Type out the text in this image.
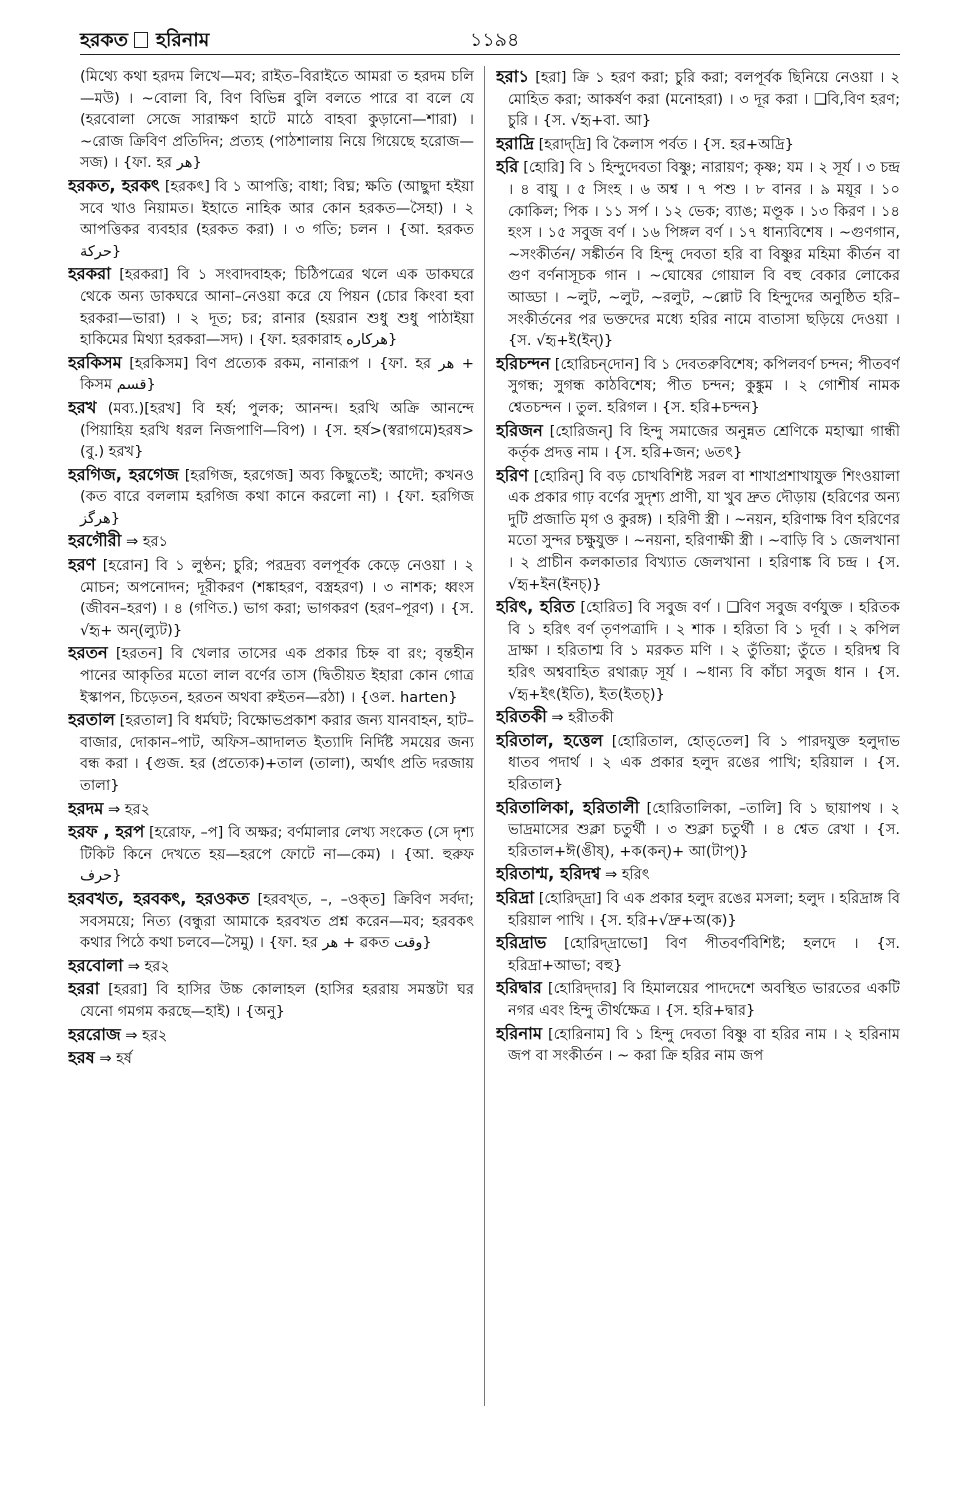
হরকত হরিনাম	১১৯৪

(মিথ্যে কথা হরদম লিখে—মব; রাইত–বিরাইতে আমরা ত হরদম চলি—মউ) । ~বোলা বি, বিণ বিভিন্ন বুলি বলতে পারে বা বলে যে (হরবোলা সেজে সারাক্ষণ হাটে মাঠে বাহবা কুড়ানো—শারা) । ~রোজ ক্রিবিণ প্রতিদিন; প্রত্যহ (পাঠশালায় নিয়ে গিয়েছে হরোজ—সজ) । {ফা. হর هر}

হরকত, হরকৎ [হরকৎ] বি ১ আপত্তি; বাধা; বিঘ্ন; ক্ষতি (আছুদা হইয়া সবে খাও নিয়ামত। ইহাতে নাহিক আর কোন হরকত—সৈহা) । ২ আপত্তিকর ব্যবহার (হরকত করা) । ৩ গতি; চলন । {আ. হরকত حركة}

হরকরা [হরকরা] বি ১ সংবাদবাহক; চিঠিপত্রের থলে এক ডাকঘরে থেকে অন্য ডাকঘরে আনা–নেওয়া করে যে পিয়ন (চোর কিংবা হবা হরকরা—ভারা) । ২ দূত; চর; রানার (হয়রান শুধু শুধু পাঠাইয়া হাকিমের মিথ্যা হরকরা—সদ) । {ফা. হরকারাহ هركاره}

হরকিসম [হরকিসম] বিণ প্রত্যেক রকম, নানারূপ । {ফা. হর هر + কিসম قسم}

হরখ (মব্য.)[হরখ] বি হর্ষ; পুলক; আনন্দ। হরখি অক্রি আনন্দে (পিয়াহিয় হরখি ধরল নিজপাণি—বিপ) । {স. হর্ষ>(স্বরাগমে)হরষ>(বু.) হরখ}

হরগিজ, হরগেজ [হরগিজ, হরগেজ] অব্য কিছুতেই; আদৌ; কখনও (কত বারে বললাম হরগিজ কথা কানে করলো না) । {ফা. হরগিজ هرگز}

হরগৌরী ⇒ হর১

হরণ [হরোন] বি ১ লুণ্ঠন; চুরি; পরদ্রব্য বলপূর্বক কেড়ে নেওয়া । ২ মোচন; অপনোদন; দূরীকরণ (শঙ্কাহরণ, বস্ত্রহরণ) । ৩ নাশক; ধ্বংস (জীবন–হরণ) । ৪ (গণিত.) ভাগ করা; ভাগকরণ (হরণ–পূরণ) । {স. √হৃ+ অন্(ল্যুট)}

হরতন [হরতন] বি খেলার তাসের এক প্রকার চিহ্ন বা রং; বৃন্তহীন পানের আকৃতির মতো লাল বর্ণের তাস (দ্বিতীয়ত ইহারা কোন গোত্র ইস্কাপন, চিড়েতন, হরতন অথবা রুইতন—রঠা) । {ওল. harten}

হরতাল [হরতাল] বি ধর্মঘট; বিক্ষোভপ্রকাশ করার জন্য যানবাহন, হাট–বাজার, দোকান–পাট, অফিস–আদালত ইত্যাদি নির্দিষ্ট সময়ের জন্য বন্ধ করা । {গুজ. হর (প্রত্যেক)+তাল (তালা), অর্থাৎ প্রতি দরজায় তালা}

হরদম ⇒ হর২

হরফ , হরপ [হরোফ, –প] বি অক্ষর; বর্ণমালার লেখ্য সংকেত (সে দৃশ্য টিকিট কিনে দেখতে হয়—হরপে ফোটে না—কেম) । {আ. হুরুফ حرف}

হরবখত, হরবকৎ, হরওকত [হরবখ্‌ত, –, –ওক্‌ত] ক্রিবিণ সর্বদা; সবসময়ে; নিত্য (বন্ধুরা আমাকে হরবখত প্রশ্ন করেন—মব; হরবকৎ কথার পিঠে কথা চলবে—সৈমু) । {ফা. হর هر + ৱকত وقت}

হরবোলা ⇒ হর২

হররা [হররা] বি হাসির উচ্চ কোলাহল (হাসির হররায় সমস্তটা ঘর যেনো গমগম করছে—হাই) । {অনু}

হররোজ ⇒ হর২

হরষ ⇒ হর্ষ

হরা১ [হরা] ক্রি ১ হরণ করা; চুরি করা; বলপূর্বক ছিনিয়ে নেওয়া । ২ মোহিত করা; আকর্ষণ করা (মনোহরা) । ৩ দূর করা । ❑বি,বিণ হরণ; চুরি । {স. √হৃ+বা. আ}

হরাদ্রি [হরাদ্‌দ্রি] বি কৈলাস পর্বত । {স. হর+অদ্রি}

হরি [হোরি] বি ১ হিন্দুদেবতা বিষ্ণু; নারায়ণ; কৃষ্ণ; যম । ২ সূর্য । ৩ চন্দ্র । ৪ বায়ু । ৫ সিংহ । ৬ অশ্ব । ৭ পশু । ৮ বানর । ৯ ময়ূর । ১০ কোকিল; পিক । ১১ সর্প । ১২ ভেক; ব্যাঙ; মণ্ডূক । ১৩ কিরণ । ১৪ হংস । ১৫ সবুজ বর্ণ । ১৬ পিঙ্গল বর্ণ । ১৭ ধান্যবিশেষ । ~গুণগান, ~সংকীর্তন/ সঙ্কীর্তন বি হিন্দু দেবতা হরি বা বিষ্ণুর মহিমা কীর্তন বা গুণ বর্ণনাসূচক গান । ~ঘোষের গোয়াল বি বহু বেকার লোকের আড্ডা । ~লুট, ~লুট, ~রলুট, ~ল্লোট বি হিন্দুদের অনুষ্ঠিত হরি–সংকীর্তনের পর ভক্তদের মধ্যে হরির নামে বাতাসা ছড়িয়ে দেওয়া । {স. √হৃ+ই(ইন্)}

হরিচন্দন [হোরিচন্‌দোন] বি ১ দেবতরুবিশেষ; কপিলবর্ণ চন্দন; পীতবর্ণ সুগন্ধ; সুগন্ধ কাঠবিশেষ; পীত চন্দন; কুঙ্কুম । ২ গোশীর্ষ নামক শ্বেতচন্দন । তুল. হরিগল । {স. হরি+চন্দন}

হরিজন [হোরিজন্] বি হিন্দু সমাজের অনুন্নত শ্রেণিকে মহাত্মা গান্ধী কর্তৃক প্রদত্ত নাম । {স. হরি+জন; ৬তৎ}

হরিণ [হোরিন্] বি বড় চোখবিশিষ্ট সরল বা শাখাপ্রশাখাযুক্ত শিংওয়ালা এক প্রকার গাঢ় বর্ণের সুদৃশ্য প্রাণী, যা খুব দ্রুত দৌড়ায় (হরিণের অন্য দুটি প্রজাতি মৃগ ও কুরঙ্গ) । হরিণী স্ত্রী । ~নয়ন, হরিণাক্ষ বিণ হরিণের মতো সুন্দর চক্ষুযুক্ত । ~নয়না, হরিণাক্ষী স্ত্রী । ~বাড়ি বি ১ জেলখানা । ২ প্রাচীন কলকাতার বিখ্যাত জেলখানা । হরিণাঙ্ক বি চন্দ্র । {স. √হৃ+ইন(ইনচ্)}

হরিৎ, হরিত [হোরিত] বি সবুজ বর্ণ । ❑বিণ সবুজ বর্ণযুক্ত । হরিতক বি ১ হরিৎ বর্ণ তৃণপত্রাদি । ২ শাক । হরিতা বি ১ দূর্বা । ২ কপিল দ্রাক্ষা । হরিতাশ্ম বি ১ মরকত মণি । ২ তুঁতিয়া; তুঁতে । হরিদশ্ব বি হরিৎ অশ্ববাহিত রথারূঢ় সূর্য । ~ধান্য বি কাঁচা সবুজ ধান । {স. √হৃ+ইৎ(ইতি), ইত(ইতচ্)}

হরিতকী ⇒ হরীতকী

হরিতাল, হত্তেল [হোরিতাল, হোত্‌তেল] বি ১ পারদযুক্ত হলুদাভ ধাতব পদার্থ । ২ এক প্রকার হলুদ রঙের পাখি; হরিয়াল । {স. হরিতাল}

হরিতালিকা, হরিতালী [হোরিতালিকা, –তালি] বি ১ ছায়াপথ । ২ ভাদ্রমাসের শুক্লা চতুর্থী । ৩ শুক্লা চতুর্থী । ৪ শ্বেত রেখা । {স. হরিতাল+ঈ(ঙীষ্), +ক(কন্)+ আ(টাপ্)}

হরিতাশ্ম, হরিদশ্ব ⇒ হরিৎ

হরিদ্রা [হোরিদ্‌দ্রা] বি এক প্রকার হলুদ রঙের মসলা; হলুদ । হরিদ্রাঙ্গ বি হরিয়াল পাখি । {স. হরি+√দ্রু+অ(ক)}

হরিদ্রাভ [হোরিদ্‌দ্রাভো] বিণ পীতবর্ণবিশিষ্ট; হলদে । {স. হরিদ্রা+আভা; বহু}

হরিদ্বার [হোরিদ্‌দার] বি হিমালয়ের পাদদেশে অবস্থিত ভারতের একটি নগর এবং হিন্দু তীর্থক্ষেত্র । {স. হরি+দ্বার}

হরিনাম [হোরিনাম] বি ১ হিন্দু দেবতা বিষ্ণু বা হরির নাম । ২ হরিনাম জপ বা সংকীর্তন । ~ করা ক্রি হরির নাম জপ
